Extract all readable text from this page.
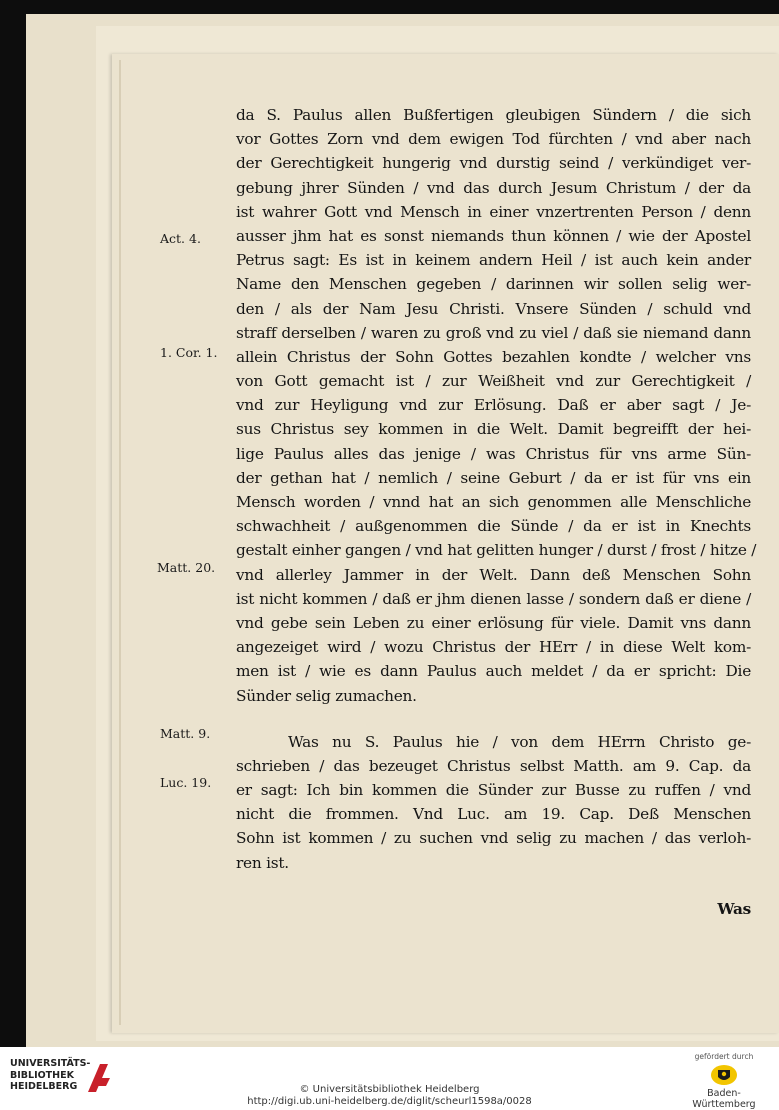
Act. 4.
1. Cor. 1.
Matt. 20.
Matt. 9.
Luc. 19.
da S. Paulus allen Bußfertigen gleubigen Sündern / die sich
vor Gottes Zorn vnd dem ewigen Tod fürchten / vnd aber nach
der Gerechtigkeit hungerig vnd durstig seind / verkündiget ver-
gebung jhrer Sünden / vnd das durch Jesum Christum / der da
ist wahrer Gott vnd Mensch in einer vnzertrenten Person / denn
ausser jhm hat es sonst niemands thun können / wie der Apostel
Petrus sagt: Es ist in keinem andern Heil / ist auch kein ander
Name den Menschen gegeben / darinnen wir sollen selig wer-
den / als der Nam Jesu Christi. Vnsere Sünden / schuld vnd
straff derselben / waren zu groß vnd zu viel / daß sie niemand dann
allein Christus der Sohn Gottes bezahlen kondte / welcher vns
von Gott gemacht ist / zur Weißheit vnd zur Gerechtigkeit /
vnd zur Heyligung vnd zur Erlösung. Daß er aber sagt / Je-
sus Christus sey kommen in die Welt. Damit begreifft der hei-
lige Paulus alles das jenige / was Christus für vns arme Sün-
der gethan hat / nemlich / seine Geburt / da er ist für vns ein
Mensch worden / vnnd hat an sich genommen alle Menschliche
schwachheit / außgenommen die Sünde / da er ist in Knechts
gestalt einher gangen / vnd hat gelitten hunger / durst / frost / hitze /
vnd allerley Jammer in der Welt. Dann deß Menschen Sohn
ist nicht kommen / daß er jhm dienen lasse / sondern daß er diene /
vnd gebe sein Leben zu einer erlösung für viele. Damit vns dann
angezeiget wird / wozu Christus der HErr / in diese Welt kom-
men ist / wie es dann Paulus auch meldet / da er spricht: Die
Sünder selig zumachen.
Was nu S. Paulus hie / von dem HErrn Christo ge-
schrieben / das bezeuget Christus selbst Matth. am 9. Cap. da
er sagt: Ich bin kommen die Sünder zur Busse zu ruffen / vnd
nicht die frommen. Vnd Luc. am 19. Cap. Deß Menschen
Sohn ist kommen / zu suchen vnd selig zu machen / das verloh-
ren ist.
Was
UNIVERSITÄTS-
BIBLIOTHEK
HEIDELBERG	© Universitätsbibliothek Heidelberg
http://digi.ub.uni-heidelberg.de/diglit/scheurl1598a/0028
gefördert durch
Baden-Württemberg
